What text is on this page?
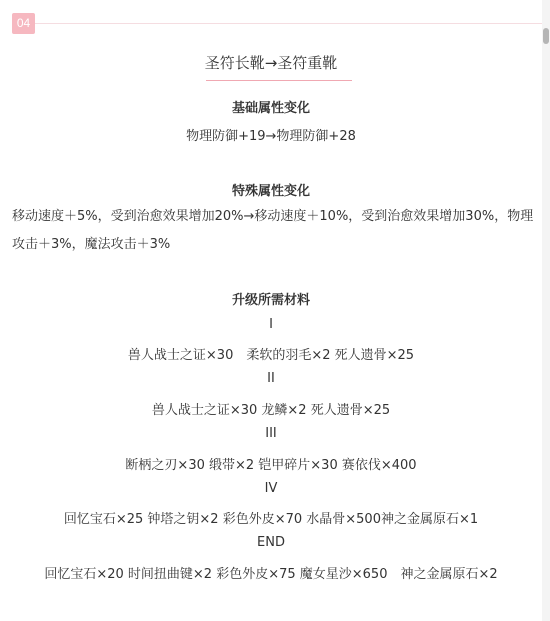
04
圣符长靴→圣符重靴
基础属性变化
物理防御+19→物理防御+28
特殊属性变化
移动速度＋5%，受到治愈效果增加20%→移动速度＋10%，受到治愈效果增加30%，物理攻击＋3%，魔法攻击＋3%
升级所需材料
I
兽人战士之证×30　柔软的羽毛×2 死人遗骨×25
II
兽人战士之证×30 龙鳞×2 死人遗骨×25
III
断柄之刃×30 缎带×2 铠甲碎片×30 赛依伐×400
IV
回忆宝石×25 钟塔之钥×2 彩色外皮×70 水晶骨×500神之金属原石×1
END
回忆宝石×20 时间扭曲键×2 彩色外皮×75 魔女星沙×650　神之金属原石×2
